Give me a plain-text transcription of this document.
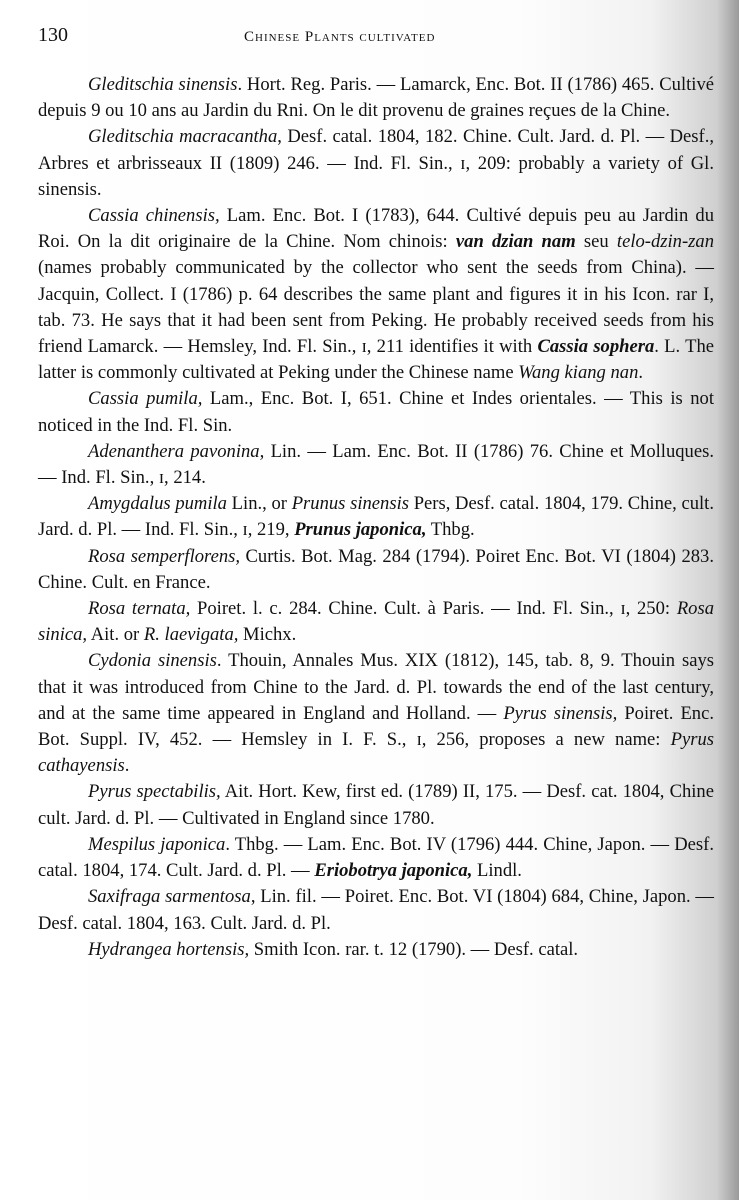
130	Chinese Plants cultivated

Gleditschia sinensis. Hort. Reg. Paris. — Lamarck, Enc. Bot. II (1786) 465. Cultivé depuis 9 ou 10 ans au Jardin du Rni. On le dit provenu de graines reçues de la Chine.

Gleditschia macracantha, Desf. catal. 1804, 182. Chine. Cult. Jard. d. Pl. — Desf., Arbres et arbrisseaux II (1809) 246. — Ind. Fl. Sin., ɪ, 209: probably a variety of Gl. sinensis.

Cassia chinensis, Lam. Enc. Bot. I (1783), 644. Cultivé depuis peu au Jardin du Roi. On la dit originaire de la Chine. Nom chinois: van dzian nam seu telo-dzin-zan (names probably communicated by the collector who sent the seeds from China). — Jacquin, Collect. I (1786) p. 64 describes the same plant and figures it in his Icon. rar I, tab. 73. He says that it had been sent from Peking. He probably received seeds from his friend Lamarck. — Hemsley, Ind. Fl. Sin., ɪ, 211 identifies it with Cassia sophera. L. The latter is commonly cultivated at Peking under the Chinese name Wang kiang nan.

Cassia pumila, Lam., Enc. Bot. I, 651. Chine et Indes orientales. — This is not noticed in the Ind. Fl. Sin.

Adenanthera pavonina, Lin. — Lam. Enc. Bot. II (1786) 76. Chine et Molluques. — Ind. Fl. Sin., ɪ, 214.

Amygdalus pumila Lin., or Prunus sinensis Pers, Desf. catal. 1804, 179. Chine, cult. Jard. d. Pl. — Ind. Fl. Sin., ɪ, 219, Prunus japonica, Thbg.

Rosa semperflorens, Curtis. Bot. Mag. 284 (1794). Poiret Enc. Bot. VI (1804) 283. Chine. Cult. en France.

Rosa ternata, Poiret. l. c. 284. Chine. Cult. à Paris. — Ind. Fl. Sin., ɪ, 250: Rosa sinica, Ait. or R. laevigata, Michx.

Cydonia sinensis. Thouin, Annales Mus. XIX (1812), 145, tab. 8, 9. Thouin says that it was introduced from Chine to the Jard. d. Pl. towards the end of the last century, and at the same time appeared in England and Holland. — Pyrus sinensis, Poiret. Enc. Bot. Suppl. IV, 452. — Hemsley in I. F. S., ɪ, 256, proposes a new name: Pyrus cathayensis.

Pyrus spectabilis, Ait. Hort. Kew, first ed. (1789) II, 175. — Desf. cat. 1804, Chine cult. Jard. d. Pl. — Cultivated in England since 1780.

Mespilus japonica. Thbg. — Lam. Enc. Bot. IV (1796) 444. Chine, Japon. — Desf. catal. 1804, 174. Cult. Jard. d. Pl. — Eriobotrya japonica, Lindl.

Saxifraga sarmentosa, Lin. fil. — Poiret. Enc. Bot. VI (1804) 684, Chine, Japon. — Desf. catal. 1804, 163. Cult. Jard. d. Pl.

Hydrangea hortensis, Smith Icon. rar. t. 12 (1790). — Desf. catal.
